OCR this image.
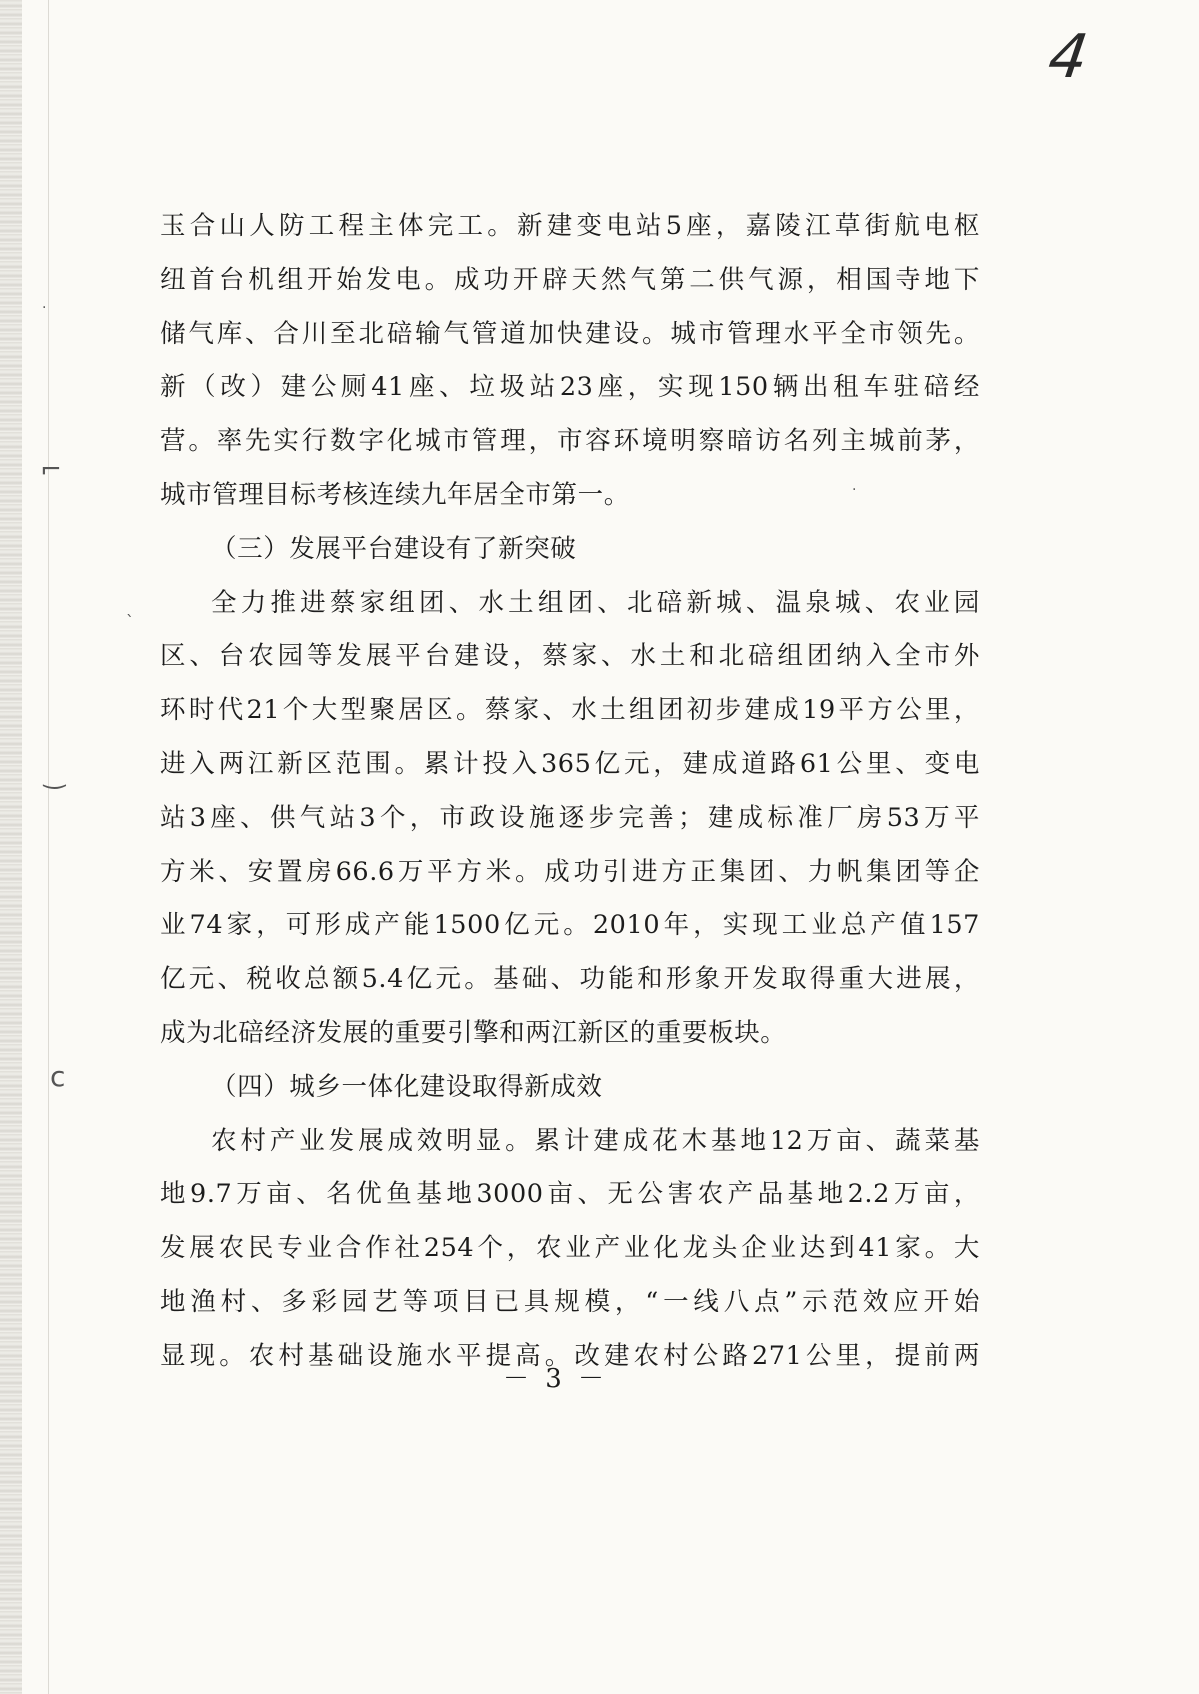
·
⌐
‿
ⅽ
`
·
4
玉合山人防工程主体完工。新建变电站5座，嘉陵江草街航电枢
纽首台机组开始发电。成功开辟天然气第二供气源，相国寺地下
储气库、合川至北碚输气管道加快建设。城市管理水平全市领先。
新（改）建公厕41座、垃圾站23座，实现150辆出租车驻碚经
营。率先实行数字化城市管理，市容环境明察暗访名列主城前茅，
城市管理目标考核连续九年居全市第一。
（三）发展平台建设有了新突破
全力推进蔡家组团、水土组团、北碚新城、温泉城、农业园
区、台农园等发展平台建设，蔡家、水土和北碚组团纳入全市外
环时代21个大型聚居区。蔡家、水土组团初步建成19平方公里，
进入两江新区范围。累计投入365亿元，建成道路61公里、变电
站3座、供气站3个，市政设施逐步完善；建成标准厂房53万平
方米、安置房66.6万平方米。成功引进方正集团、力帆集团等企
业74家，可形成产能1500亿元。2010年，实现工业总产值157
亿元、税收总额5.4亿元。基础、功能和形象开发取得重大进展，
成为北碚经济发展的重要引擎和两江新区的重要板块。
（四）城乡一体化建设取得新成效
农村产业发展成效明显。累计建成花木基地12万亩、蔬菜基
地9.7万亩、名优鱼基地3000亩、无公害农产品基地2.2万亩，
发展农民专业合作社254个，农业产业化龙头企业达到41家。大
地渔村、多彩园艺等项目已具规模，“一线八点”示范效应开始
显现。农村基础设施水平提高。改建农村公路271公里，提前两
－ 3 －
